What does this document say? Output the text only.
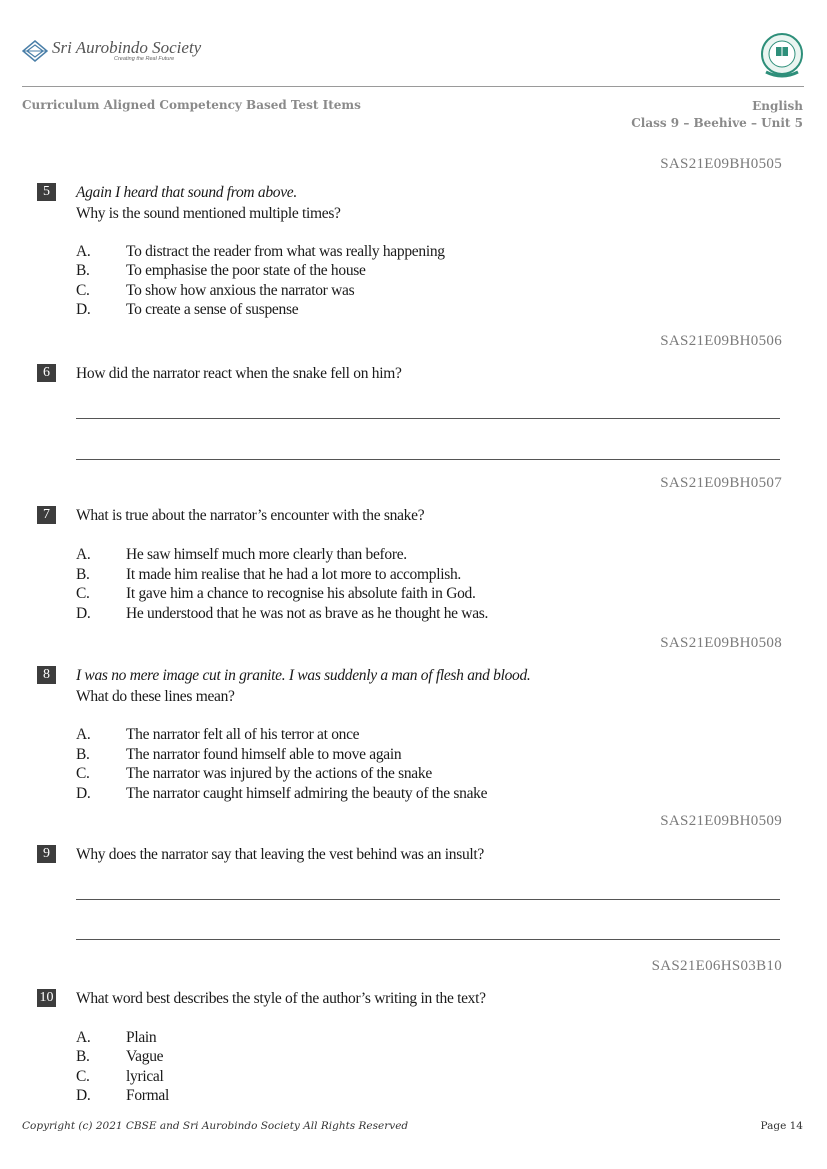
Sri Aurobindo Society
Creating the Real Future
Curriculum Aligned Competency Based Test Items	English
Class 9 – Beehive – Unit 5
SAS21E09BH0505
5	Again I heard that sound from above.
Why is the sound mentioned multiple times?
A. To distract the reader from what was really happening
B. To emphasise the poor state of the house
C. To show how anxious the narrator was
D. To create a sense of suspense
SAS21E09BH0506
6	How did the narrator react when the snake fell on him?
SAS21E09BH0507
7	What is true about the narrator’s encounter with the snake?
A. He saw himself much more clearly than before.
B. It made him realise that he had a lot more to accomplish.
C. It gave him a chance to recognise his absolute faith in God.
D. He understood that he was not as brave as he thought he was.
SAS21E09BH0508
8	I was no mere image cut in granite. I was suddenly a man of flesh and blood.
What do these lines mean?
A. The narrator felt all of his terror at once
B. The narrator found himself able to move again
C. The narrator was injured by the actions of the snake
D. The narrator caught himself admiring the beauty of the snake
SAS21E09BH0509
9	Why does the narrator say that leaving the vest behind was an insult?
SAS21E06HS03B10
10 What word best describes the style of the author’s writing in the text?
A. Plain
B. Vague
C. lyrical
D. Formal
Copyright (c) 2021 CBSE and Sri Aurobindo Society All Rights Reserved	Page 14
